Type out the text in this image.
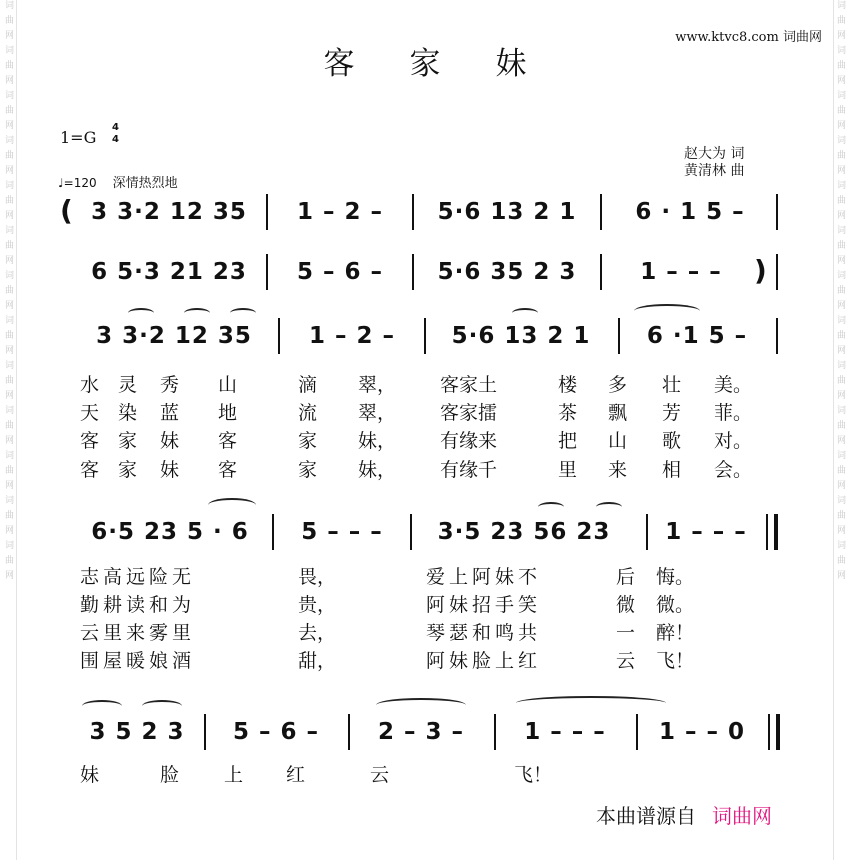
词曲网词曲网词曲网词曲网词曲网词曲网词曲网词曲网词曲网词曲网词曲网词曲网词曲网	词曲网词曲网词曲网词曲网词曲网词曲网词曲网词曲网词曲网词曲网词曲网词曲网词曲网
www.ktvc8.com 词曲网
客家妹
1=G
4
4
♩=120 深情热烈地
赵大为 词
黄清林 曲
( 3 3·2 12 35	1 – 2 –	5·6 13 2 1	6 · 1 5 –
6 5·3 21 23	5 – 6 –	5·6 35 2 3	1 – – –	)
3 3·2 12 35	1 – 2 –	5·6 13 2 1	6 ·1 5 –
水 灵 秀 山	滴 翠， 客家土	楼 多 壮 美。
天 染 蓝 地	流 翠， 客家擂	茶 飘 芳 菲。
客 家 妹 客	家 妹， 有缘来	把 山 歌 对。
客 家 妹 客	家 妹， 有缘千	里 来 相 会。
6·5 23 5 · 6	5 – – –	3·5 23 56 23	1 – – –
志高远险无	畏，	爱上阿妹不	后 悔。
勤耕读和为	贵，	阿妹招手笑	微 微。
云里来雾里	去，	琴瑟和鸣共	一 醉！
围屋暖娘酒	甜，	阿妹脸上红	云 飞！
3 5 2 3	5 – 6 –	2 – 3 –	1 – – –	1 – – 0
妹	脸 上 红	云	飞！
本曲谱源自 词曲网
